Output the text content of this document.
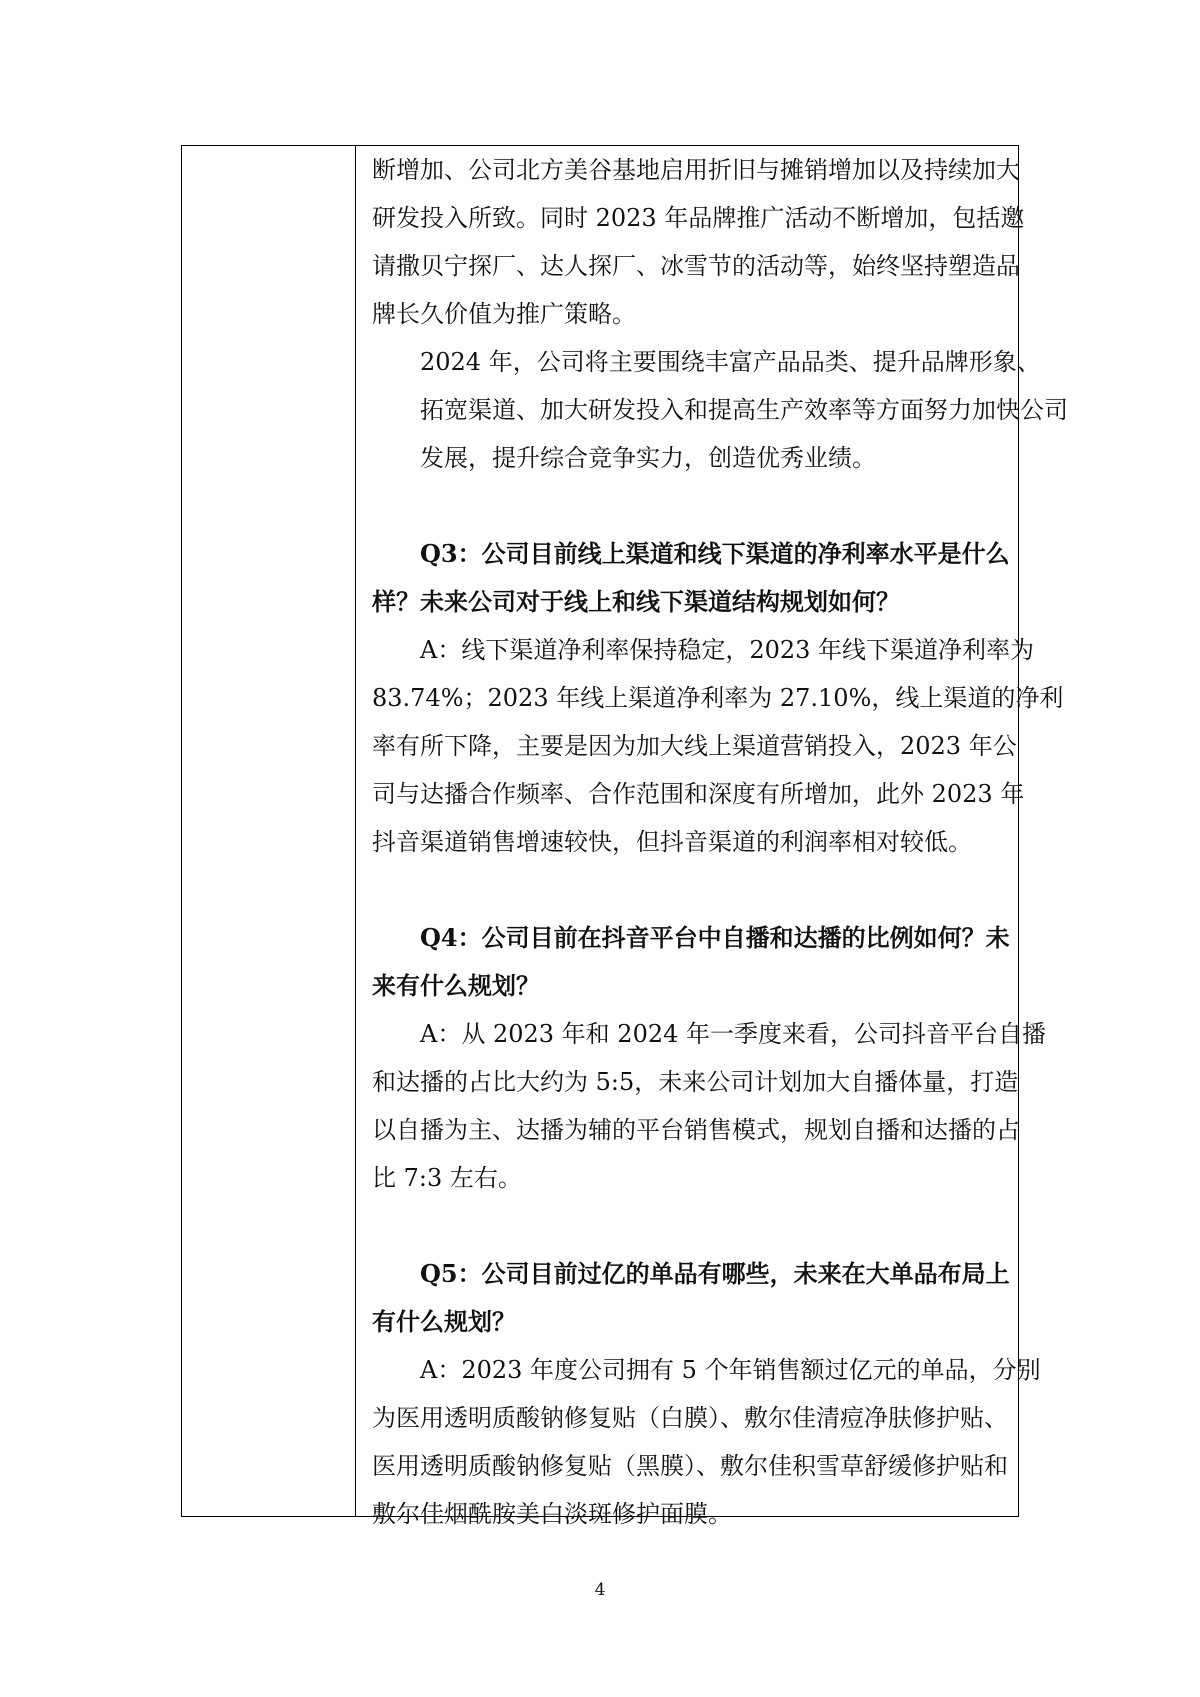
断增加、公司北方美谷基地启用折旧与摊销增加以及持续加大
研发投入所致。同时 2023 年品牌推广活动不断增加，包括邀
请撒贝宁探厂、达人探厂、冰雪节的活动等，始终坚持塑造品
牌长久价值为推广策略。

2024 年，公司将主要围绕丰富产品品类、提升品牌形象、
拓宽渠道、加大研发投入和提高生产效率等方面努力加快公司
发展，提升综合竞争实力，创造优秀业绩。

Q3：公司目前线上渠道和线下渠道的净利率水平是什么
样？未来公司对于线上和线下渠道结构规划如何？

A：线下渠道净利率保持稳定，2023 年线下渠道净利率为
83.74%；2023 年线上渠道净利率为 27.10%，线上渠道的净利
率有所下降，主要是因为加大线上渠道营销投入，2023 年公
司与达播合作频率、合作范围和深度有所增加，此外 2023 年
抖音渠道销售增速较快，但抖音渠道的利润率相对较低。

Q4：公司目前在抖音平台中自播和达播的比例如何？未
来有什么规划？

A：从 2023 年和 2024 年一季度来看，公司抖音平台自播
和达播的占比大约为 5:5，未来公司计划加大自播体量，打造
以自播为主、达播为辅的平台销售模式，规划自播和达播的占
比 7:3 左右。

Q5：公司目前过亿的单品有哪些，未来在大单品布局上
有什么规划？

A：2023 年度公司拥有 5 个年销售额过亿元的单品，分别
为医用透明质酸钠修复贴（白膜）、敷尔佳清痘净肤修护贴、
医用透明质酸钠修复贴（黑膜）、敷尔佳积雪草舒缓修护贴和
敷尔佳烟酰胺美白淡斑修护面膜。

4
